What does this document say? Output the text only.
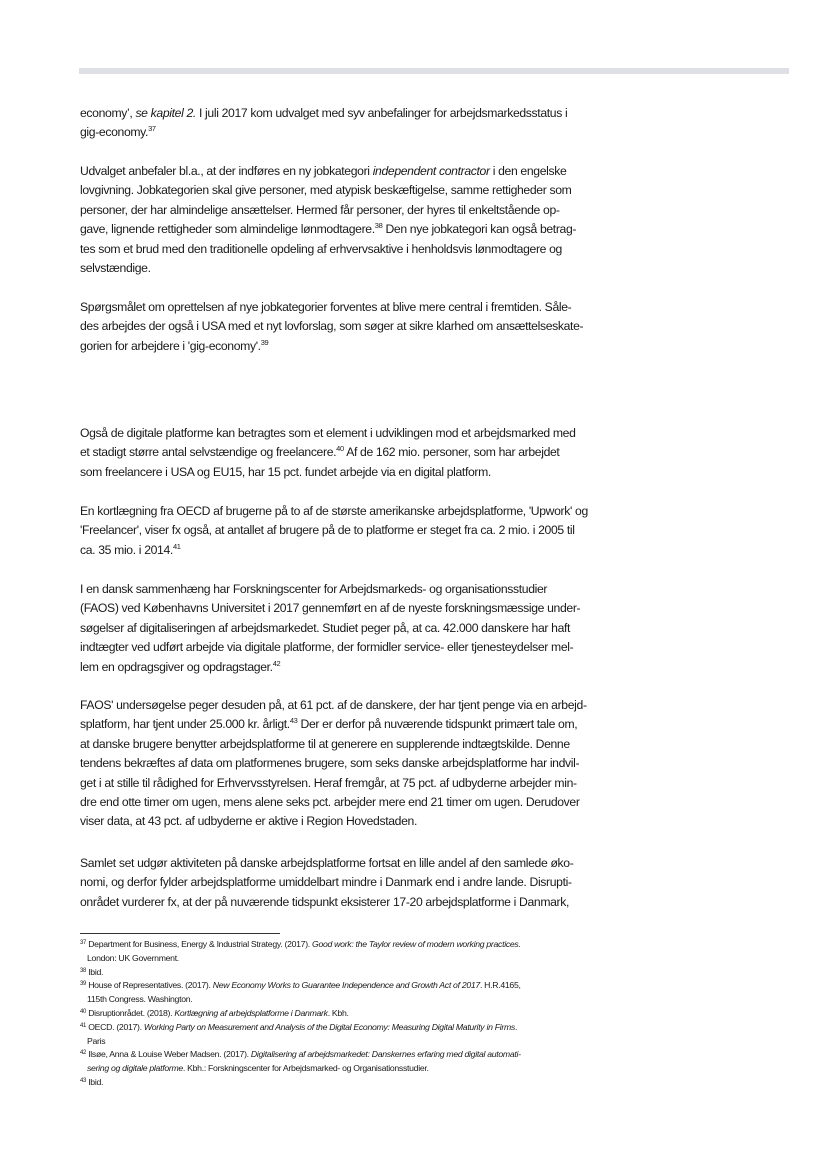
economy’, se kapitel 2. I juli 2017 kom udvalget med syv anbefalinger for arbejdsmarkedsstatus i
gig-economy.$^{37}$

Udvalget anbefaler bl.a., at der indføres en ny jobkategori independent contractor i den engelske
lovgivning. Jobkategorien skal give personer, med atypisk beskæftigelse, samme rettigheder som
personer, der har almindelige ansættelser. Hermed får personer, der hyres til enkeltstående op-
gave, lignende rettigheder som almindelige lønmodtagere.$^{38}$ Den nye jobkategori kan også betrag-
tes som et brud med den traditionelle opdeling af erhvervsaktive i henholdsvis lønmodtagere og
selvstændige.

Spørgsmålet om oprettelsen af nye jobkategorier forventes at blive mere central i fremtiden. Såle-
des arbejdes der også i USA med et nyt lovforslag, som søger at sikre klarhed om ansættelseskate-
gorien for arbejdere i 'gig-economy'.$^{39}$

Også de digitale platforme kan betragtes som et element i udviklingen mod et arbejdsmarked med
et stadigt større antal selvstændige og freelancere.$^{40}$ Af de 162 mio. personer, som har arbejdet
som freelancere i USA og EU15, har 15 pct. fundet arbejde via en digital platform.

En kortlægning fra OECD af brugerne på to af de største amerikanske arbejdsplatforme, 'Upwork' og
'Freelancer', viser fx også, at antallet af brugere på de to platforme er steget fra ca. 2 mio. i 2005 til
ca. 35 mio. i 2014.41

I en dansk sammenhæng har Forskningscenter for Arbejdsmarkeds- og organisationsstudier
(FAOS) ved Københavns Universitet i 2017 gennemført en af de nyeste forskningsmæssige under-
søgelser af digitaliseringen af arbejdsmarkedet. Studiet peger på, at ca. 42.000 danskere har haft
indtægter ved udført arbejde via digitale platforme, der formidler service- eller tjenesteydelser mel-
lem en opdragsgiver og opdragstager.$^{42}$

FAOS' undersøgelse peger desuden på, at 61 pct. af de danskere, der har tjent penge via en arbejd-
splatform, har tjent under 25.000 kr. årligt.$^{43}$ Der er derfor på nuværende tidspunkt primært tale om,
at danske brugere benytter arbejdsplatforme til at generere en supplerende indtægtskilde. Denne
tendens bekræftes af data om platformenes brugere, som seks danske arbejdsplatforme har indvil-
get i at stille til rådighed for Erhvervsstyrelsen. Heraf fremgår, at 75 pct. af udbyderne arbejder min-
dre end otte timer om ugen, mens alene seks pct. arbejder mere end 21 timer om ugen. Derudover
viser data, at 43 pct. af udbyderne er aktive i Region Hovedstaden.

Samlet set udgør aktiviteten på danske arbejdsplatforme fortsat en lille andel af den samlede øko-
nomi, og derfor fylder arbejdsplatforme umiddelbart mindre i Danmark end i andre lande. Disrupti-
onrådet vurderer fx, at der på nuværende tidspunkt eksisterer 17-20 arbejdsplatforme i Danmark,

$^{37}$ Department for Business, Energy & Industrial Strategy. (2017). Good work: the Taylor review of modern working practices.
London: UK Government.

$^{38}$ Ibid.

$^{39}$ House of Representatives. (2017). New Economy Works to Guarantee Independence and Growth Act of 2017. H.R.4165,
115th Congress. Washington.

$^{40}$ Disruptionrådet. (2018). Kortlægning af arbejdsplatforme i Danmark. Kbh.

$^{41}$ OECD. (2017). Working Party on Measurement and Analysis of the Digital Economy: Measuring Digital Maturity in Firms.
Paris

$^{42}$ Ilsøe, Anna & Louise Weber Madsen. (2017). Digitalisering af arbejdsmarkedet: Danskernes erfaring med digital automati-
sering og digitale platforme. Kbh.: Forskningscenter for Arbejdsmarked- og Organisationsstudier.

$^{43}$ Ibid.
